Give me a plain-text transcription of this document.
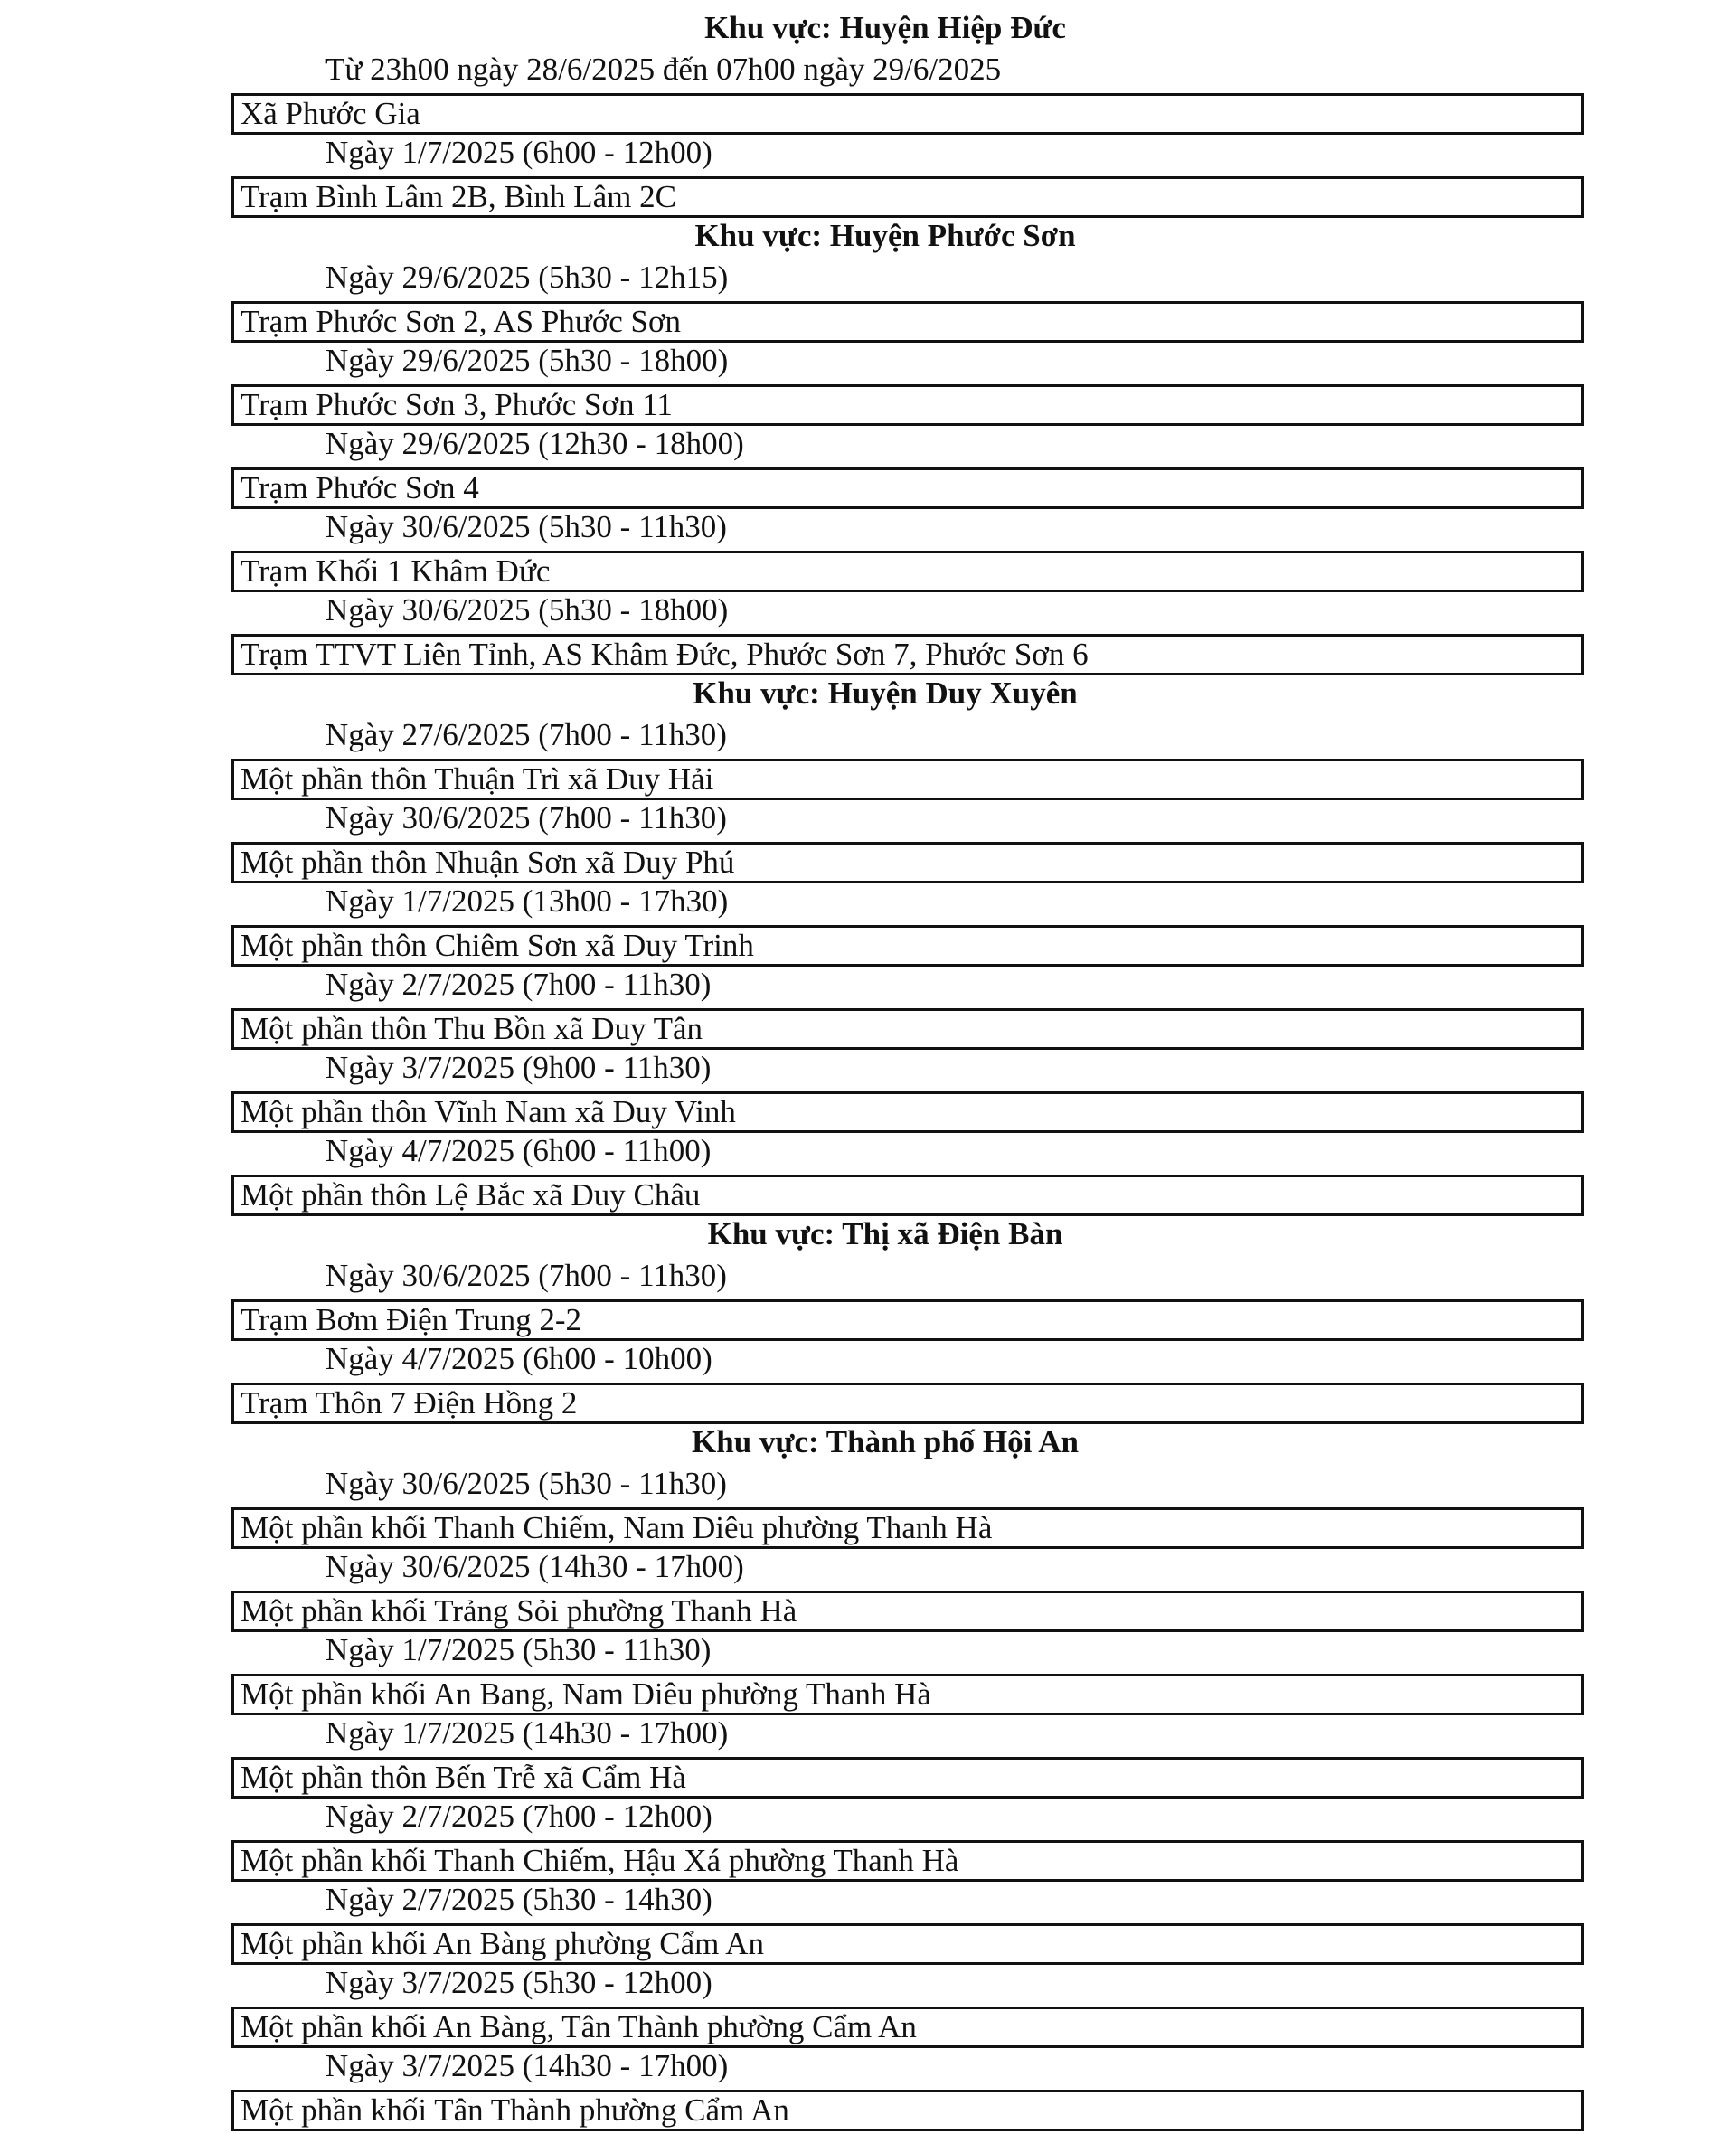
Khu vực: Huyện Hiệp Đức
Từ 23h00 ngày 28/6/2025 đến 07h00 ngày 29/6/2025
Xã Phước Gia
Ngày 1/7/2025 (6h00 - 12h00)
Trạm Bình Lâm 2B, Bình Lâm 2C
Khu vực: Huyện Phước Sơn
Ngày 29/6/2025 (5h30 - 12h15)
Trạm Phước Sơn 2, AS Phước Sơn
Ngày 29/6/2025 (5h30 - 18h00)
Trạm Phước Sơn 3, Phước Sơn 11
Ngày 29/6/2025 (12h30 - 18h00)
Trạm Phước Sơn 4
Ngày 30/6/2025 (5h30 - 11h30)
Trạm Khối 1 Khâm Đức
Ngày 30/6/2025 (5h30 - 18h00)
Trạm TTVT Liên Tỉnh, AS Khâm Đức, Phước Sơn 7, Phước Sơn 6
Khu vực: Huyện Duy Xuyên
Ngày 27/6/2025 (7h00 - 11h30)
Một phần thôn Thuận Trì xã Duy Hải
Ngày 30/6/2025 (7h00 - 11h30)
Một phần thôn Nhuận Sơn xã Duy Phú
Ngày 1/7/2025 (13h00 - 17h30)
Một phần thôn Chiêm Sơn xã Duy Trinh
Ngày 2/7/2025 (7h00 - 11h30)
Một phần thôn Thu Bồn xã Duy Tân
Ngày 3/7/2025 (9h00 - 11h30)
Một phần thôn Vĩnh Nam xã Duy Vinh
Ngày 4/7/2025 (6h00 - 11h00)
Một phần thôn Lệ Bắc xã Duy Châu
Khu vực: Thị xã Điện Bàn
Ngày 30/6/2025 (7h00 - 11h30)
Trạm Bơm Điện Trung 2-2
Ngày 4/7/2025 (6h00 - 10h00)
Trạm Thôn 7 Điện Hồng 2
Khu vực: Thành phố Hội An
Ngày 30/6/2025 (5h30 - 11h30)
Một phần khối Thanh Chiếm, Nam Diêu phường Thanh Hà
Ngày 30/6/2025 (14h30 - 17h00)
Một phần khối Trảng Sỏi phường Thanh Hà
Ngày 1/7/2025 (5h30 - 11h30)
Một phần khối An Bang, Nam Diêu phường Thanh Hà
Ngày 1/7/2025 (14h30 - 17h00)
Một phần thôn Bến Trễ xã Cẩm Hà
Ngày 2/7/2025 (7h00 - 12h00)
Một phần khối Thanh Chiếm, Hậu Xá phường Thanh Hà
Ngày 2/7/2025 (5h30 - 14h30)
Một phần khối An Bàng phường Cẩm An
Ngày 3/7/2025 (5h30 - 12h00)
Một phần khối An Bàng, Tân Thành phường Cẩm An
Ngày 3/7/2025 (14h30 - 17h00)
Một phần khối Tân Thành phường Cẩm An
